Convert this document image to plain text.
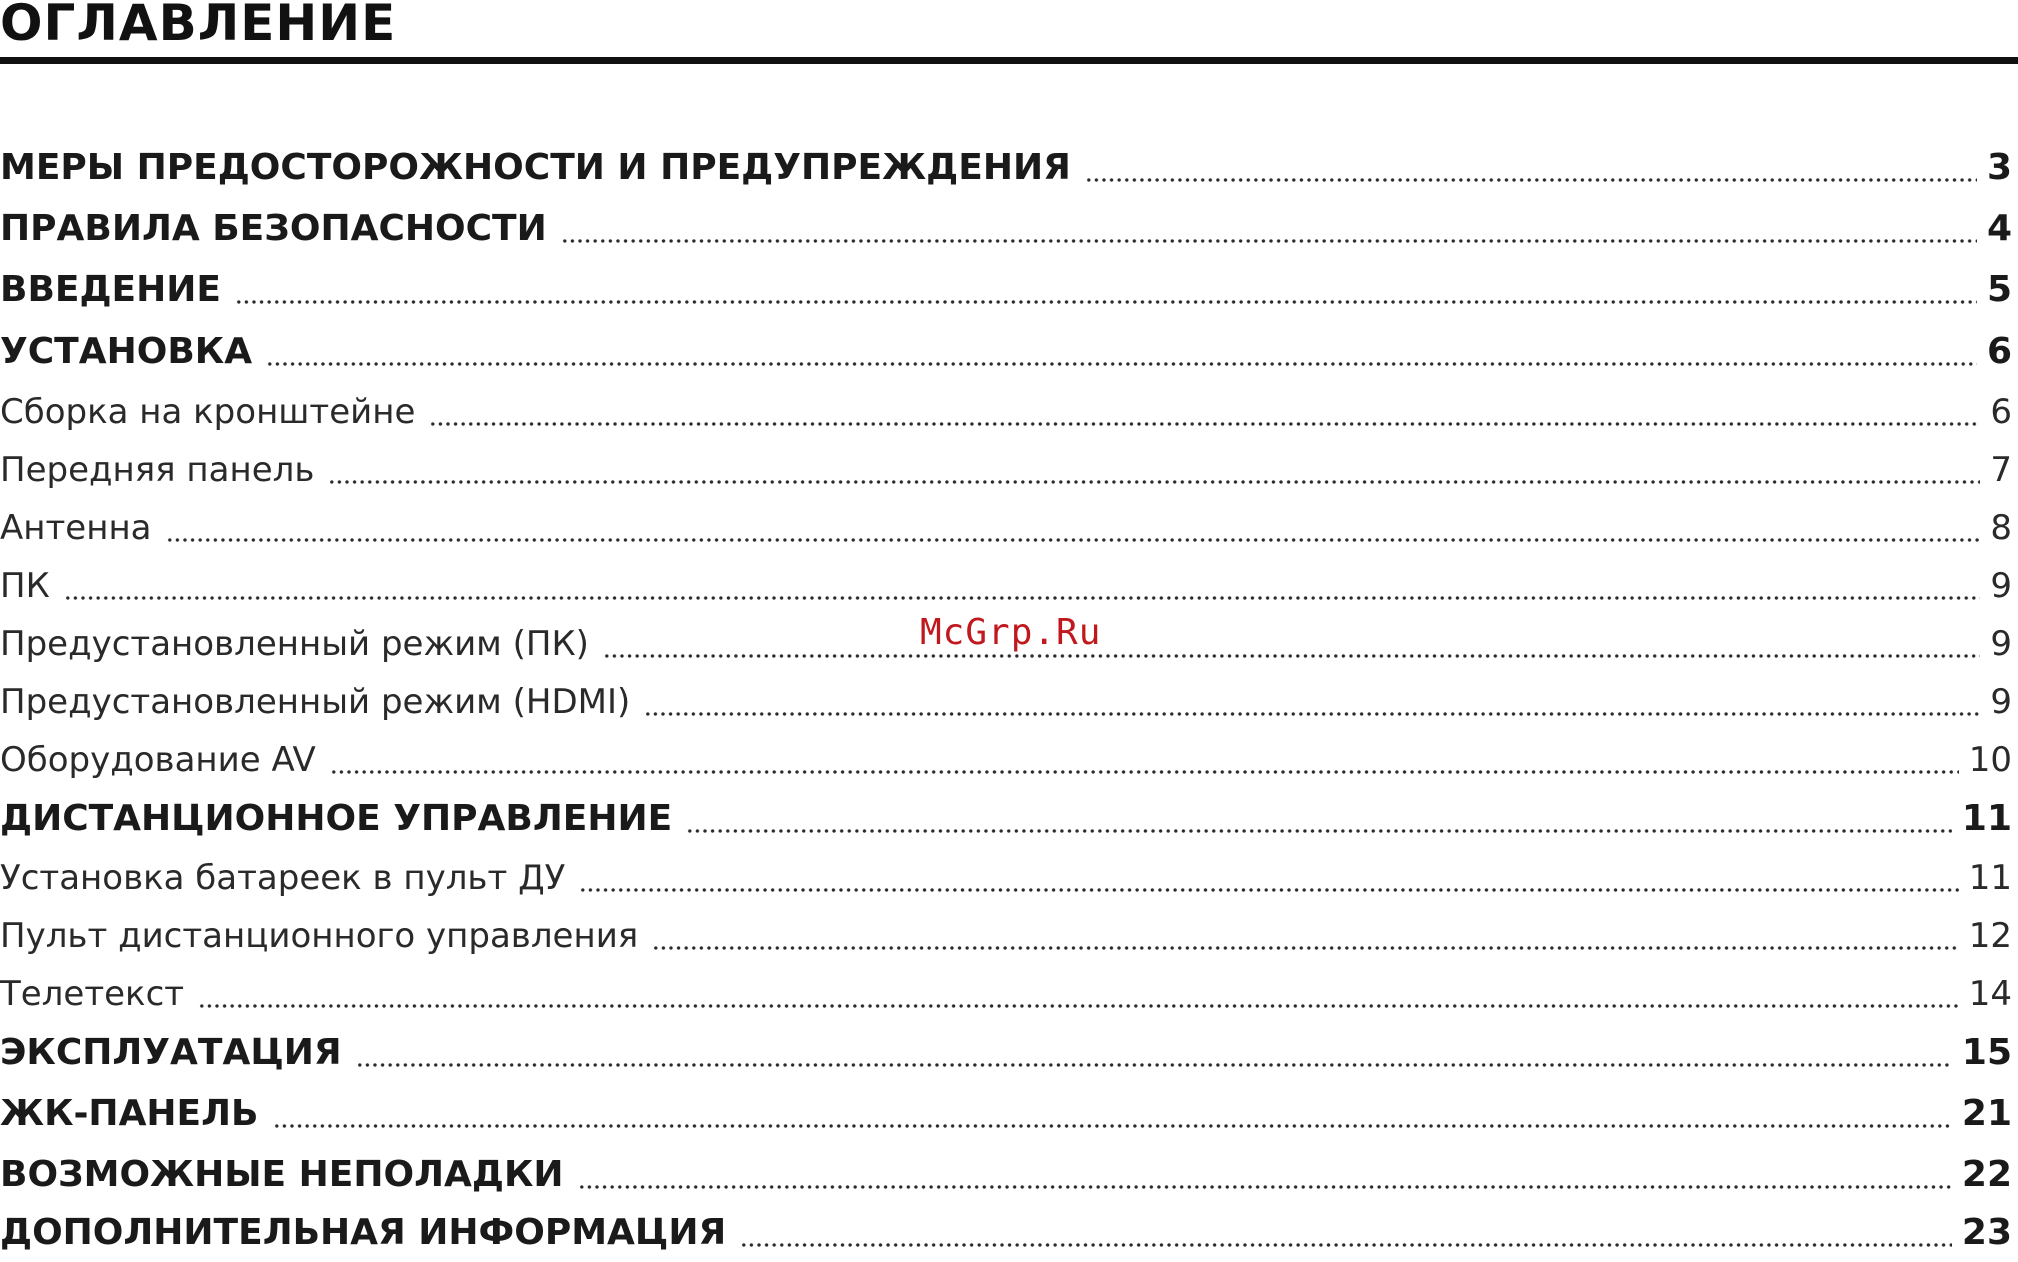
ОГЛАВЛЕНИЕ
МЕРЫ ПРЕДОСТОРОЖНОСТИ И ПРЕДУПРЕЖДЕНИЯ	3
ПРАВИЛА БЕЗОПАСНОСТИ	4
ВВЕДЕНИЕ	5
УСТАНОВКА	6
Сборка на кронштейне	6
Передняя панель	7
Антенна	8
ПК	9
Предустановленный режим (ПК)	9
Предустановленный режим (HDMI)	9
Оборудование AV	10
ДИСТАНЦИОННОЕ УПРАВЛЕНИЕ	11
Установка батареек в пульт ДУ	11
Пульт дистанционного управления	12
Телетекст	14
ЭКСПЛУАТАЦИЯ	15
ЖК-ПАНЕЛЬ	21
ВОЗМОЖНЫЕ НЕПОЛАДКИ	22
ДОПОЛНИТЕЛЬНАЯ ИНФОРМАЦИЯ	23
McGrp.Ru
